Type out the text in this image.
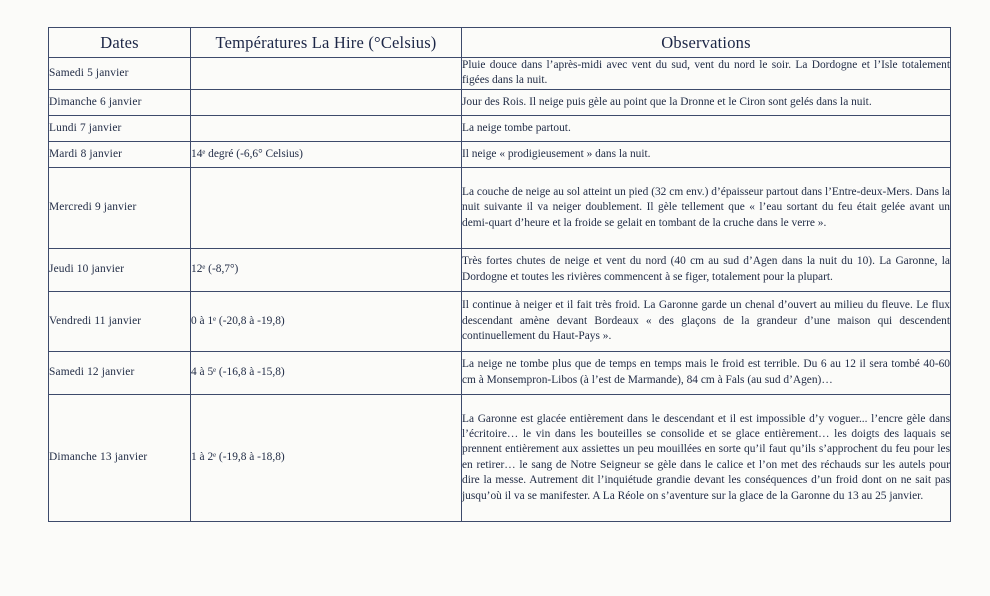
Dates	Températures La Hire (°Celsius)	Observations
Samedi 5 janvier		Pluie douce dans l’après-midi avec vent du sud, vent du nord le soir. La Dordogne et l’Isle totalement figées dans la nuit.
Dimanche 6 janvier		Jour des Rois. Il neige puis gèle au point que la Dronne et le Ciron sont gelés dans la nuit.
Lundi 7 janvier		La neige tombe partout.
Mardi 8 janvier	14ᵉ degré (-6,6° Celsius)	Il neige « prodigieusement » dans la nuit.
Mercredi 9 janvier		La couche de neige au sol atteint un pied (32 cm env.) d’épaisseur partout dans l’Entre-deux-Mers. Dans la nuit suivante il va neiger doublement. Il gèle tellement que « l’eau sortant du feu était gelée avant un demi-quart d’heure et la froide se gelait en tombant de la cruche dans le verre ».
Jeudi 10 janvier	12ᵉ (-8,7°)	Très fortes chutes de neige et vent du nord (40 cm au sud d’Agen dans la nuit du 10). La Garonne, la Dordogne et toutes les rivières commencent à se figer, totalement pour la plupart.
Vendredi 11 janvier	0 à 1ᵉ (-20,8 à -19,8)	Il continue à neiger et il fait très froid. La Garonne garde un chenal d’ouvert au milieu du fleuve. Le flux descendant amène devant Bordeaux « des glaçons de la grandeur d’une maison qui descendent continuellement du Haut-Pays ».
Samedi 12 janvier	4 à 5ᵉ (-16,8 à -15,8)	La neige ne tombe plus que de temps en temps mais le froid est terrible. Du 6 au 12 il sera tombé 40-60 cm à Monsempron-Libos (à l’est de Marmande), 84 cm à Fals (au sud d’Agen)…
Dimanche 13 janvier	1 à 2ᵉ (-19,8 à -18,8)	La Garonne est glacée entièrement dans le descendant et il est impossible d’y voguer... l’encre gèle dans l’écritoire… le vin dans les bouteilles se consolide et se glace entièrement… les doigts des laquais se prennent entièrement aux assiettes un peu mouillées en sorte qu’il faut qu’ils s’approchent du feu pour les en retirer… le sang de Notre Seigneur se gèle dans le calice et l’on met des réchauds sur les autels pour dire la messe. Autrement dit l’inquiétude grandie devant les conséquences d’un froid dont on ne sait pas jusqu’où il va se manifester. A La Réole on s’aventure sur la glace de la Garonne du 13 au 25 janvier.
